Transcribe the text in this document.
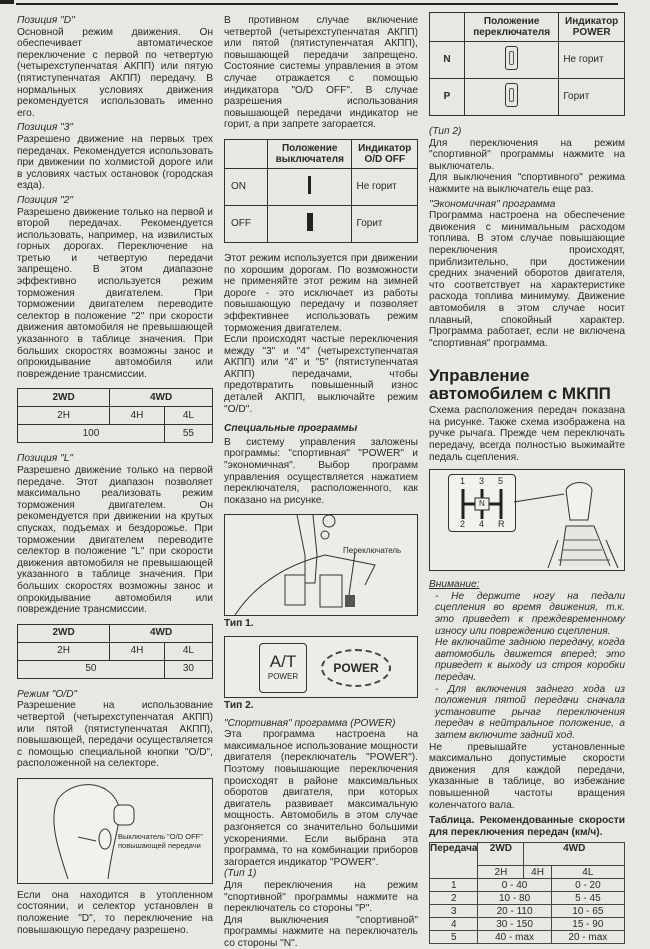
Позиция "D"

Основной режим движения. Он обеспечивает автоматическое переключение с первой по четвертую (четырехступенчатая АКПП) или пятую (пятиступенчатая АКПП) передачу. В нормальных условиях движения рекомендуется использовать именно его.

Позиция "3"

Разрешено движение на первых трех передачах. Рекомендуется использовать при движении по холмистой дороге или в условиях частых остановок (городская езда).

Позиция "2"

Разрешено движение только на первой и второй передачах. Рекомендуется использовать, например, на извилистых горных дорогах. Переключение на третью и четвертую передачи запрещено. В этом диапазоне эффективно используется режим торможения двигателем. При торможении двигателем переводите селектор в положение "2" при скорости движения автомобиля не превышающей указанного в таблице значения. При больших скоростях возможны занос и опрокидывание автомобиля или повреждение трансмиссии.

2WD	4WD	
2H	4H	4L
100		55

Позиция "L"

Разрешено движение только на первой передаче. Этот диапазон позволяет максимально реализовать режим торможения двигателем. Он рекомендуется при движении на крутых спусках, подъемах и бездорожье. При торможении двигателем переводите селектор в положение "L" при скорости движения автомобиля не превышающей указанного в таблице значения. При больших скоростях возможны занос и опрокидывание автомобиля или повреждение трансмиссии.

2WD	4WD	
2H	4H	4L
50		30

Режим "O/D"

Разрешение на использование четвертой (четырехступенчатая АКПП) или пятой (пятиступенчатая АКПП), повышающей, передачи осуществляется с помощью специальной кнопки "O/D", расположенной на селекторе.

Выключатель "O/D OFF"
повышающей передачи

Если она находится в утопленном состоянии, и селектор установлен в положение "D", то переключение на повышающую передачу разрешено.

В противном случае включение четвертой (четырехступенчатая АКПП) или пятой (пятиступенчатая АКПП), повышающей передачи запрещено. Состояние системы управления в этом случае отражается с помощью индикатора "O/D OFF". В случае разрешения использования повышающей передачи индикатор не горит, а при запрете загорается.

	Положение выключателя	Индикатор O/D OFF
ON		Не горит
OFF		Горит

Этот режим используется при движении по хорошим дорогам. По возможности не применяйте этот режим на зимней дороге - это исключает из работы повышающую передачу и позволяет эффективнее использовать режим торможения двигателем.

Если происходят частые переключения между "3" и "4" (четырехступенчатая АКПП) или "4" и "5" (пятиступенчатая АКПП) передачами, чтобы предотвратить повышенный износ деталей АКПП, выключайте режим "O/D".

Специальные программы

В систему управления заложены программы: "спортивная" "POWER" и "экономичная". Выбор программ управления осуществляется нажатием переключателя, расположенного, как показано на рисунке.

Переключатель
Тип 1.
A/T
POWER
POWER
Тип 2.

"Спортивная" программа (POWER)

Эта программа настроена на максимальное использование мощности двигателя (переключатель "POWER"). Поэтому повышающие переключения происходят в районе максимальных оборотов двигателя, при которых двигатель развивает максимальную мощность. Автомобиль в этом случае разгоняется со значительно большими ускорениями. Если выбрана эта программа, то на комбинации приборов загорается индикатор "POWER".

(Тип 1)

Для переключения на режим "спортивной" программы нажмите на переключатель со стороны "P".

Для выключения "спортивной" программы нажмите на переключатель со стороны "N".

	Положение переключателя	Индикатор POWER
N		Не горит
P		Горит

(Тип 2)

Для переключения на режим "спортивной" программы нажмите на выключатель.

Для выключения "спортивного" режима нажмите на выключатель еще раз.

"Экономичная" программа

Программа настроена на обеспечение движения с минимальным расходом топлива. В этом случае повышающие переключения происходят, приблизительно, при достижении средних значений оборотов двигателя, что соответствует на характеристике расхода топлива минимуму. Движение автомобиля в этом случае носит плавный, спокойный характер. Программа работает, если не включена "спортивная" программа.

Управление
автомобилем с МКПП

Схема расположения передач показана на рисунке. Также схема изображена на ручке рычага. Прежде чем переключать передачу, всегда полностью выжимайте педаль сцепления.

1 3 5
2 4 R
N
Внимание:

- Не держите ногу на педали сцепления во время движения, т.к. это приведет к преждевременному износу или повреждению сцепления.

Не включайте заднюю передачу, когда автомобиль движется вперед; это приведет к выходу из строя коробки передач.

- Для включения заднего хода из положения пятой передачи сначала установите рычаг переключения передач в нейтральное положение, а затем включите задний ход.

Не превышайте установленные максимально допустимые скорости движения для каждой передачи, указанные в таблице, во избежание повышенной частоты вращения коленчатого вала.

Таблица. Рекомендованные скорости для переключения передач (км/ч).

Передача	2WD	4WD	
	2H	4H	4L
1	0 - 40		0 - 20
2	10 - 80		5 - 45
3	20 - 110		10 - 65
4	30 - 150		15 - 90
5	40 - max		20 - max
